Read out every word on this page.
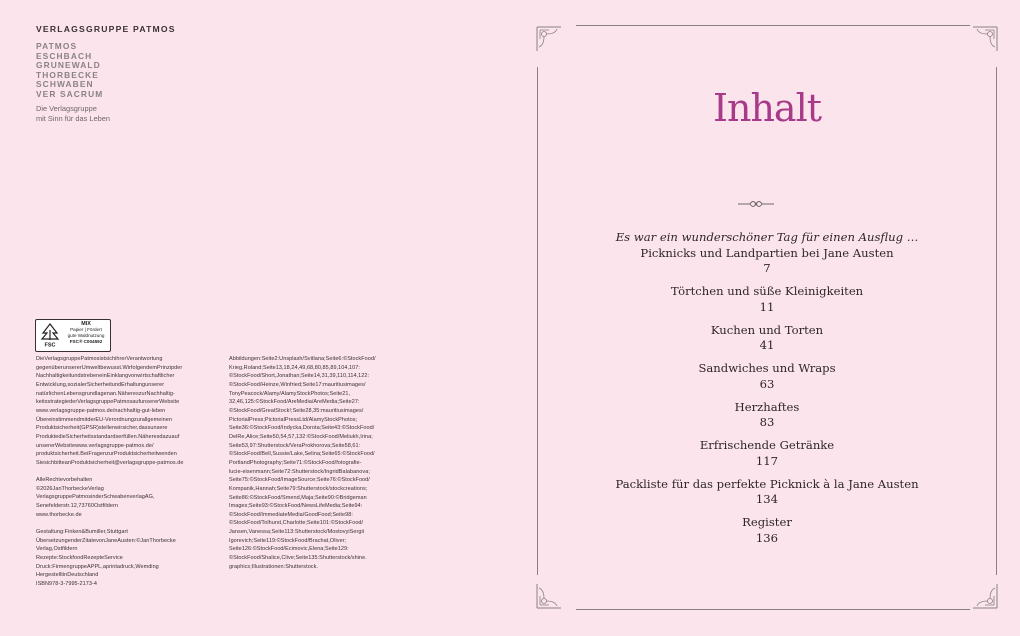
VERLAGSGRUPPE PATMOS
PATMOS
ESCHBACH
GRUNEWALD
THORBECKE
SCHWABEN
VER SACRUM
Die Verlagsgruppe
mit Sinn für das Leben
FSC
MIX
Papier | Fördert
gute Waldnutzung
FSC® C004592

DieVerlagsgruppePatmosistsichihrerVerantwortung

gegenüberunsererUmweltbewusst.WirfolgendemPrinzipder

NachhaltigkeitundstrebeneinEinklangvonwirtschaftlicher

Entwicklung,sozialerSicherheitundErhaltungunserer

natürlichenLebensgrundlagenan.NähereszurNachhaltig-

keitsstrategiederVerlagsgruppePatmosaufunsererWebsite

www.verlagsgruppe-patmos.de/nachhaltig-gut-leben

ÜbereinstimmendmitderEU-Verordnungzurallgemeinen

Produktsicherheit(GPSR)stellenwirsicher,dassunsere

ProduktedieSicherheitsstandardserfüllen.Näheresdazuauf

unsererWebsitewww.verlagsgruppe-patmos.de/

produktsicherheit.BeiFragenzurProduktsicherheitwenden

SiesichbitteanProduktsicherheit@verlagsgruppe-patmos.de

AlleRechtevorbehalten

©2026JanThorbeckeVerlag

VerlagsgruppePatmosinderSchwabenverlagAG,

Senefelderstr.12,73760Ostfildern

www.thorbecke.de

Gestaltung:Finken&Bumiller,Stuttgart

ÜbersetzungenderZitatevonJaneAusten:©JanThorbecke

Verlag,Ostfildern

Rezepte:StockfoodRezepteService

Druck:FirmengruppeAPPL,aprintadruck,Wemding

HergestelltinDeutschland

ISBN978-3-7995-2173-4

Abbildungen:Seite2:Unsplash/Svitlana;Seite6:©StockFood/

Krieg,Roland;Seite13,18,24,49,68,80,85,89,104,107:

©StockFood/Short,Jonathan;Seite14,31,39,110,114,122:

©StockFood/Heinze,Winfried;Seite17:mauritiusimages/

TonyPeacock/Alamy/AlamyStockPhotos;Seite21,

32,46,125:©StockFood/AreMedia/AreMedia;Seite27:

©StockFood/GreatStock!;Seite28,35:mauritiusimages/

PictorialPress;PictorialPressLtd/AlamyStockPhotos;

Seite36:©StockFood/Indycka,Dorota;Seite43:©StockFood/

DelRe,Alice;Seite50,54,57,132:©StockFood/Meliukh,Irina;

Seite53,97:Shutterstock/VeraProkhorova;Seite58,61:

©StockFood/Bell,Sussie/Lake,Selina;Seite65:©StockFood/

PortlandPhotography;Seite71:©StockFood/fotografie-

lucie-eisenmann;Seite72:Shutterstock/IngridBalabanova;

Seite75:©StockFood/ImageSource;Seite76:©StockFood/

Kompanik,Hannah;Seite79:Shutterstock/stockcreations;

Seite86:©StockFood/Smend,Maja;Seite90:©Bridgeman

Images;Seite93:©StockFood/NewsLifeMedia;Seite94:

©StockFood/ImmediateMedia/GoodFood;Seite98:

©StockFood/Tolhurst,Charlotte;Seite101:©StockFood/

Jansen,Vanessa;Seite113:Shutterstock/MostovyiSergii

Igorevich;Seite119:©StockFood/Brachat,Oliver;

Seite126:©StockFood/Ecimovic,Elena;Seite129:

©StockFood/Shalice,Clive;Seite135:Shutterstock/shine.

graphics;Illustrationen:Shutterstock.

Inhalt
Es war ein wunderschöner Tag für einen Ausflug …
Picknicks und Landpartien bei Jane Austen
7
Törtchen und süße Kleinigkeiten
11
Kuchen und Torten
41
Sandwiches und Wraps
63
Herzhaftes
83
Erfrischende Getränke
117
Packliste für das perfekte Picknick à la Jane Austen
134
Register
136
